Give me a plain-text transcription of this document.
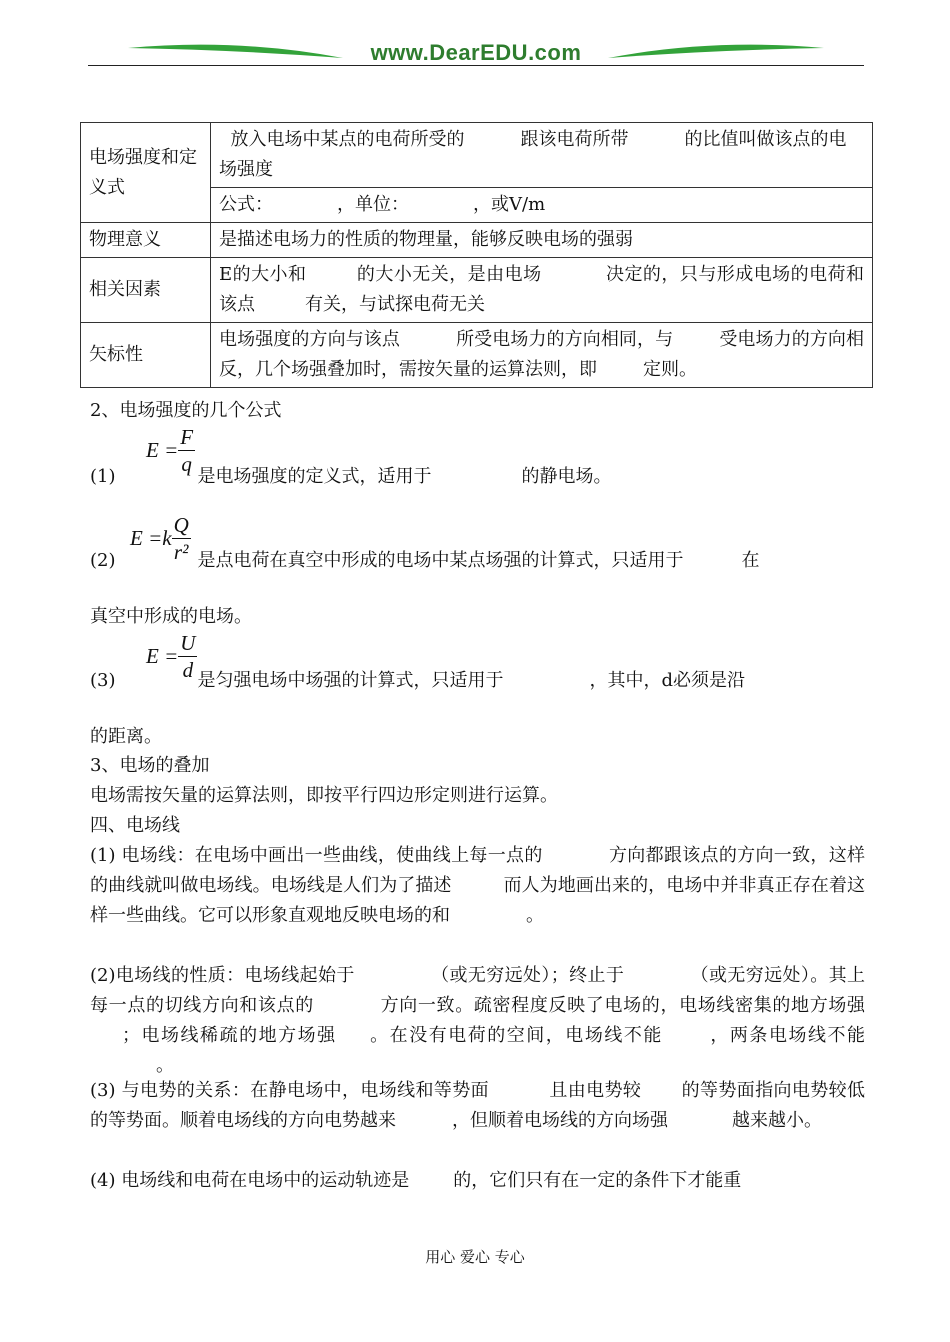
www.DearEDU.com
电场强度和定义式	放入电场中某点的电荷所受的 跟该电荷所带 的比值叫做该点的电场强度
	公式： ，单位： ，或V/m
物理意义	是描述电场力的性质的物理量，能够反映电场的强弱
相关因素	E的大小和 的大小无关，是由电场 决定的，只与形成电场的电荷和该点 有关，与试探电荷无关
矢标性	电场强度的方向与该点 所受电场力的方向相同，与 受电场力的方向相反，几个场强叠加时，需按矢量的运算法则，即 定则。
2、电场强度的几个公式
(1)	是电场强度的定义式，适用于	的静电场。
$E = \frac{F}{q}$
(2)	是点电荷在真空中形成的电场中某点场强的计算式，只适用于	在
$E =k \frac{Q}{\text{r²}}$
真空中形成的电场。
(3)	是匀强电场中场强的计算式，只适用于	，其中，d必须是沿
$E = \frac{U}{d}$
的距离。
3、电场的叠加
电场需按矢量的运算法则，即按平行四边形定则进行运算。
四、电场线
(1) 电场线：在电场中画出一些曲线，使曲线上每一点的	方向都跟该点的方向一致，这样的曲线就叫做电场线。电场线是人们为了描述	而人为地画出来的，电场中并非真正存在着这样一些曲线。它可以形象直观地反映电场的和	。
(2)电场线的性质：电场线起始于	（或无穷远处）；终止于	（或无穷远处）。其上每一点的切线方向和该点的	方向一致。疏密程度反映了电场的，电场线密集的地方场强；电场线稀疏的地方场强 。在没有电荷的空间，电场线不能	，两条电场线不能。
(3) 与电势的关系：在静电场中，电场线和等势面	且由电势较 的等势面指向电势较低的等势面。顺着电场线的方向电势越来	，但顺着电场线的方向场强	越来越小。
(4) 电场线和电荷在电场中的运动轨迹是 的，它们只有在一定的条件下才能重
用心 爱心 专心
